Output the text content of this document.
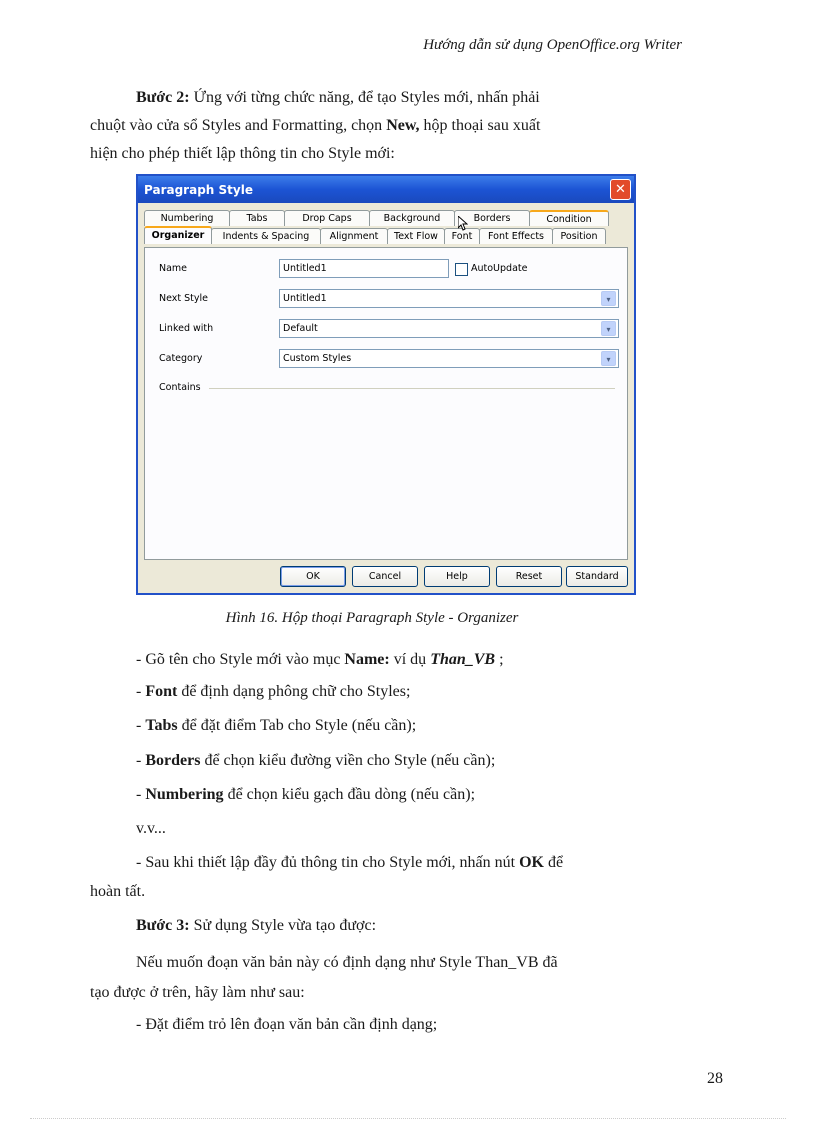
Hướng dẫn sử dụng OpenOffice.org Writer
Bước 2: Ứng với từng chức năng, để tạo Styles mới, nhấn phải
chuột vào cửa sổ Styles and Formatting, chọn New, hộp thoại sau xuất
hiện cho phép thiết lập thông tin cho Style mới:
Paragraph Style	✕
Numbering	Tabs	Drop Caps	Background	Borders	Condition
Organizer	Indents & Spacing	Alignment	Text Flow	Font	Font Effects	Position
Name	Untitled1	AutoUpdate
Next Style	Untitled1	▾
Linked with	Default	▾
Category	Custom Styles	▾
Contains
OK	Cancel	Help	Reset	Standard
Hình 16. Hộp thoại Paragraph Style - Organizer
- Gõ tên cho Style mới vào mục Name: ví dụ Than_VB ;
- Font để định dạng phông chữ cho Styles;
- Tabs để đặt điểm Tab cho Style (nếu cần);
- Borders để chọn kiểu đường viền cho Style (nếu cần);
- Numbering để chọn kiểu gạch đầu dòng (nếu cần);
v.v...
- Sau khi thiết lập đầy đủ thông tin cho Style mới, nhấn nút OK để
hoàn tất.
Bước 3: Sử dụng Style vừa tạo được:
Nếu muốn đoạn văn bản này có định dạng như Style Than_VB đã
tạo được ở trên, hãy làm như sau:
- Đặt điểm trỏ lên đoạn văn bản cần định dạng;
28
